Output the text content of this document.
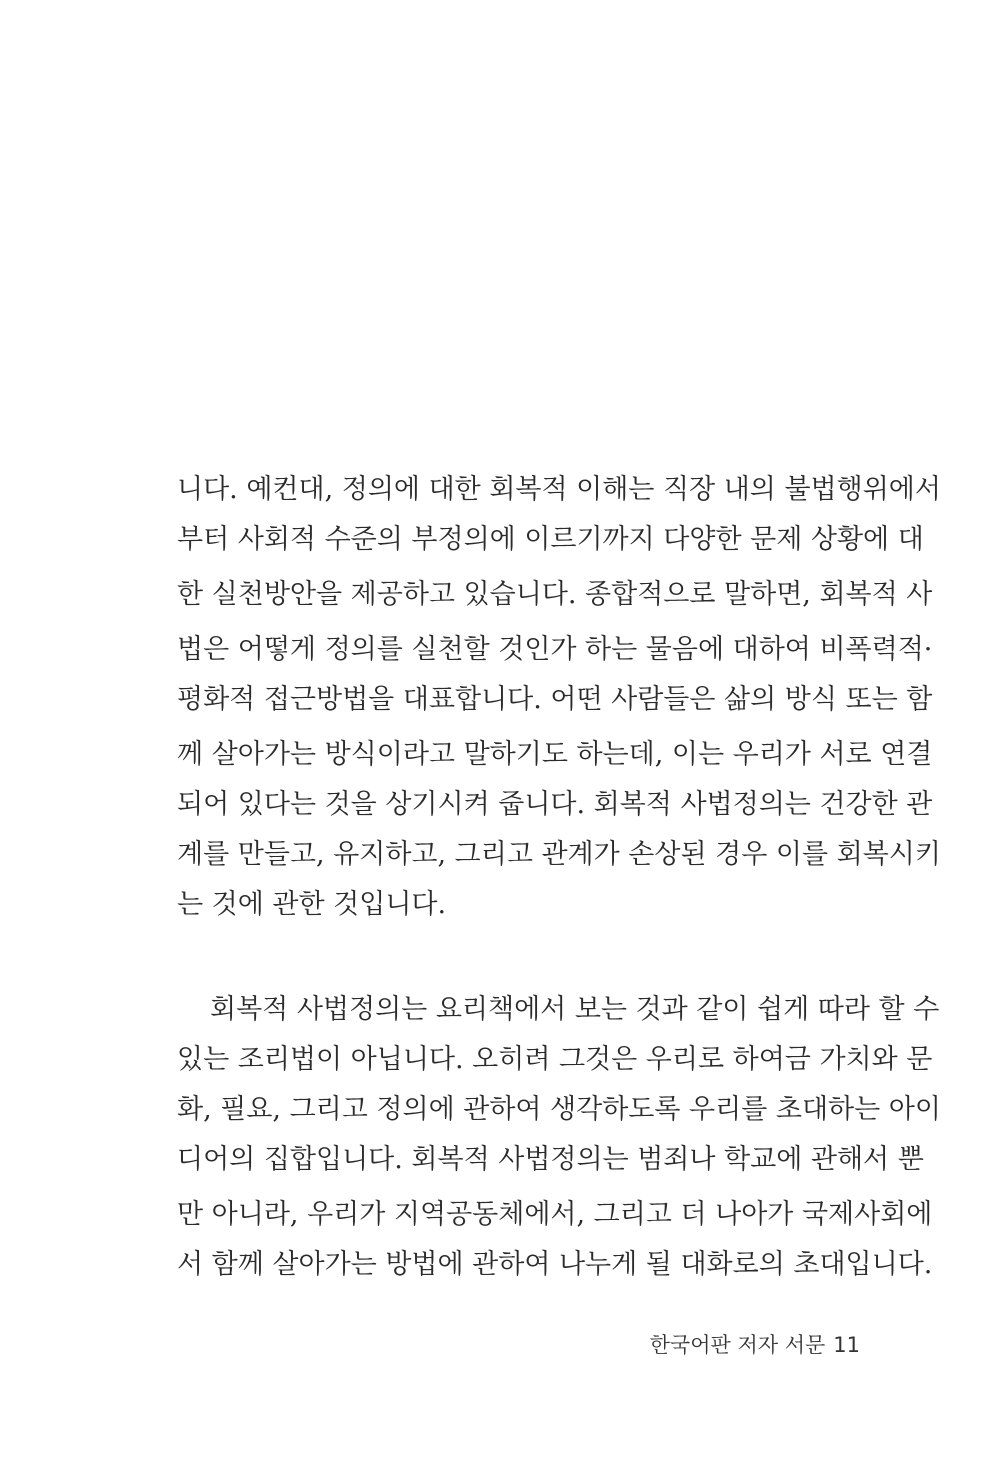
니다. 예컨대, 정의에 대한 회복적 이해는 직장 내의 불법행위에서
부터 사회적 수준의 부정의에 이르기까지 다양한 문제 상황에 대
한 실천방안을 제공하고 있습니다. 종합적으로 말하면, 회복적 사
법은 어떻게 정의를 실천할 것인가 하는 물음에 대하여 비폭력적·
평화적 접근방법을 대표합니다. 어떤 사람들은 삶의 방식 또는 함
께 살아가는 방식이라고 말하기도 하는데, 이는 우리가 서로 연결
되어 있다는 것을 상기시켜 줍니다. 회복적 사법정의는 건강한 관
계를 만들고, 유지하고, 그리고 관계가 손상된 경우 이를 회복시키
는 것에 관한 것입니다.
회복적 사법정의는 요리책에서 보는 것과 같이 쉽게 따라 할 수
있는 조리법이 아닙니다. 오히려 그것은 우리로 하여금 가치와 문
화, 필요, 그리고 정의에 관하여 생각하도록 우리를 초대하는 아이
디어의 집합입니다. 회복적 사법정의는 범죄나 학교에 관해서 뿐
만 아니라, 우리가 지역공동체에서, 그리고 더 나아가 국제사회에
서 함께 살아가는 방법에 관하여 나누게 될 대화로의 초대입니다.
한국어판 저자 서문 11
